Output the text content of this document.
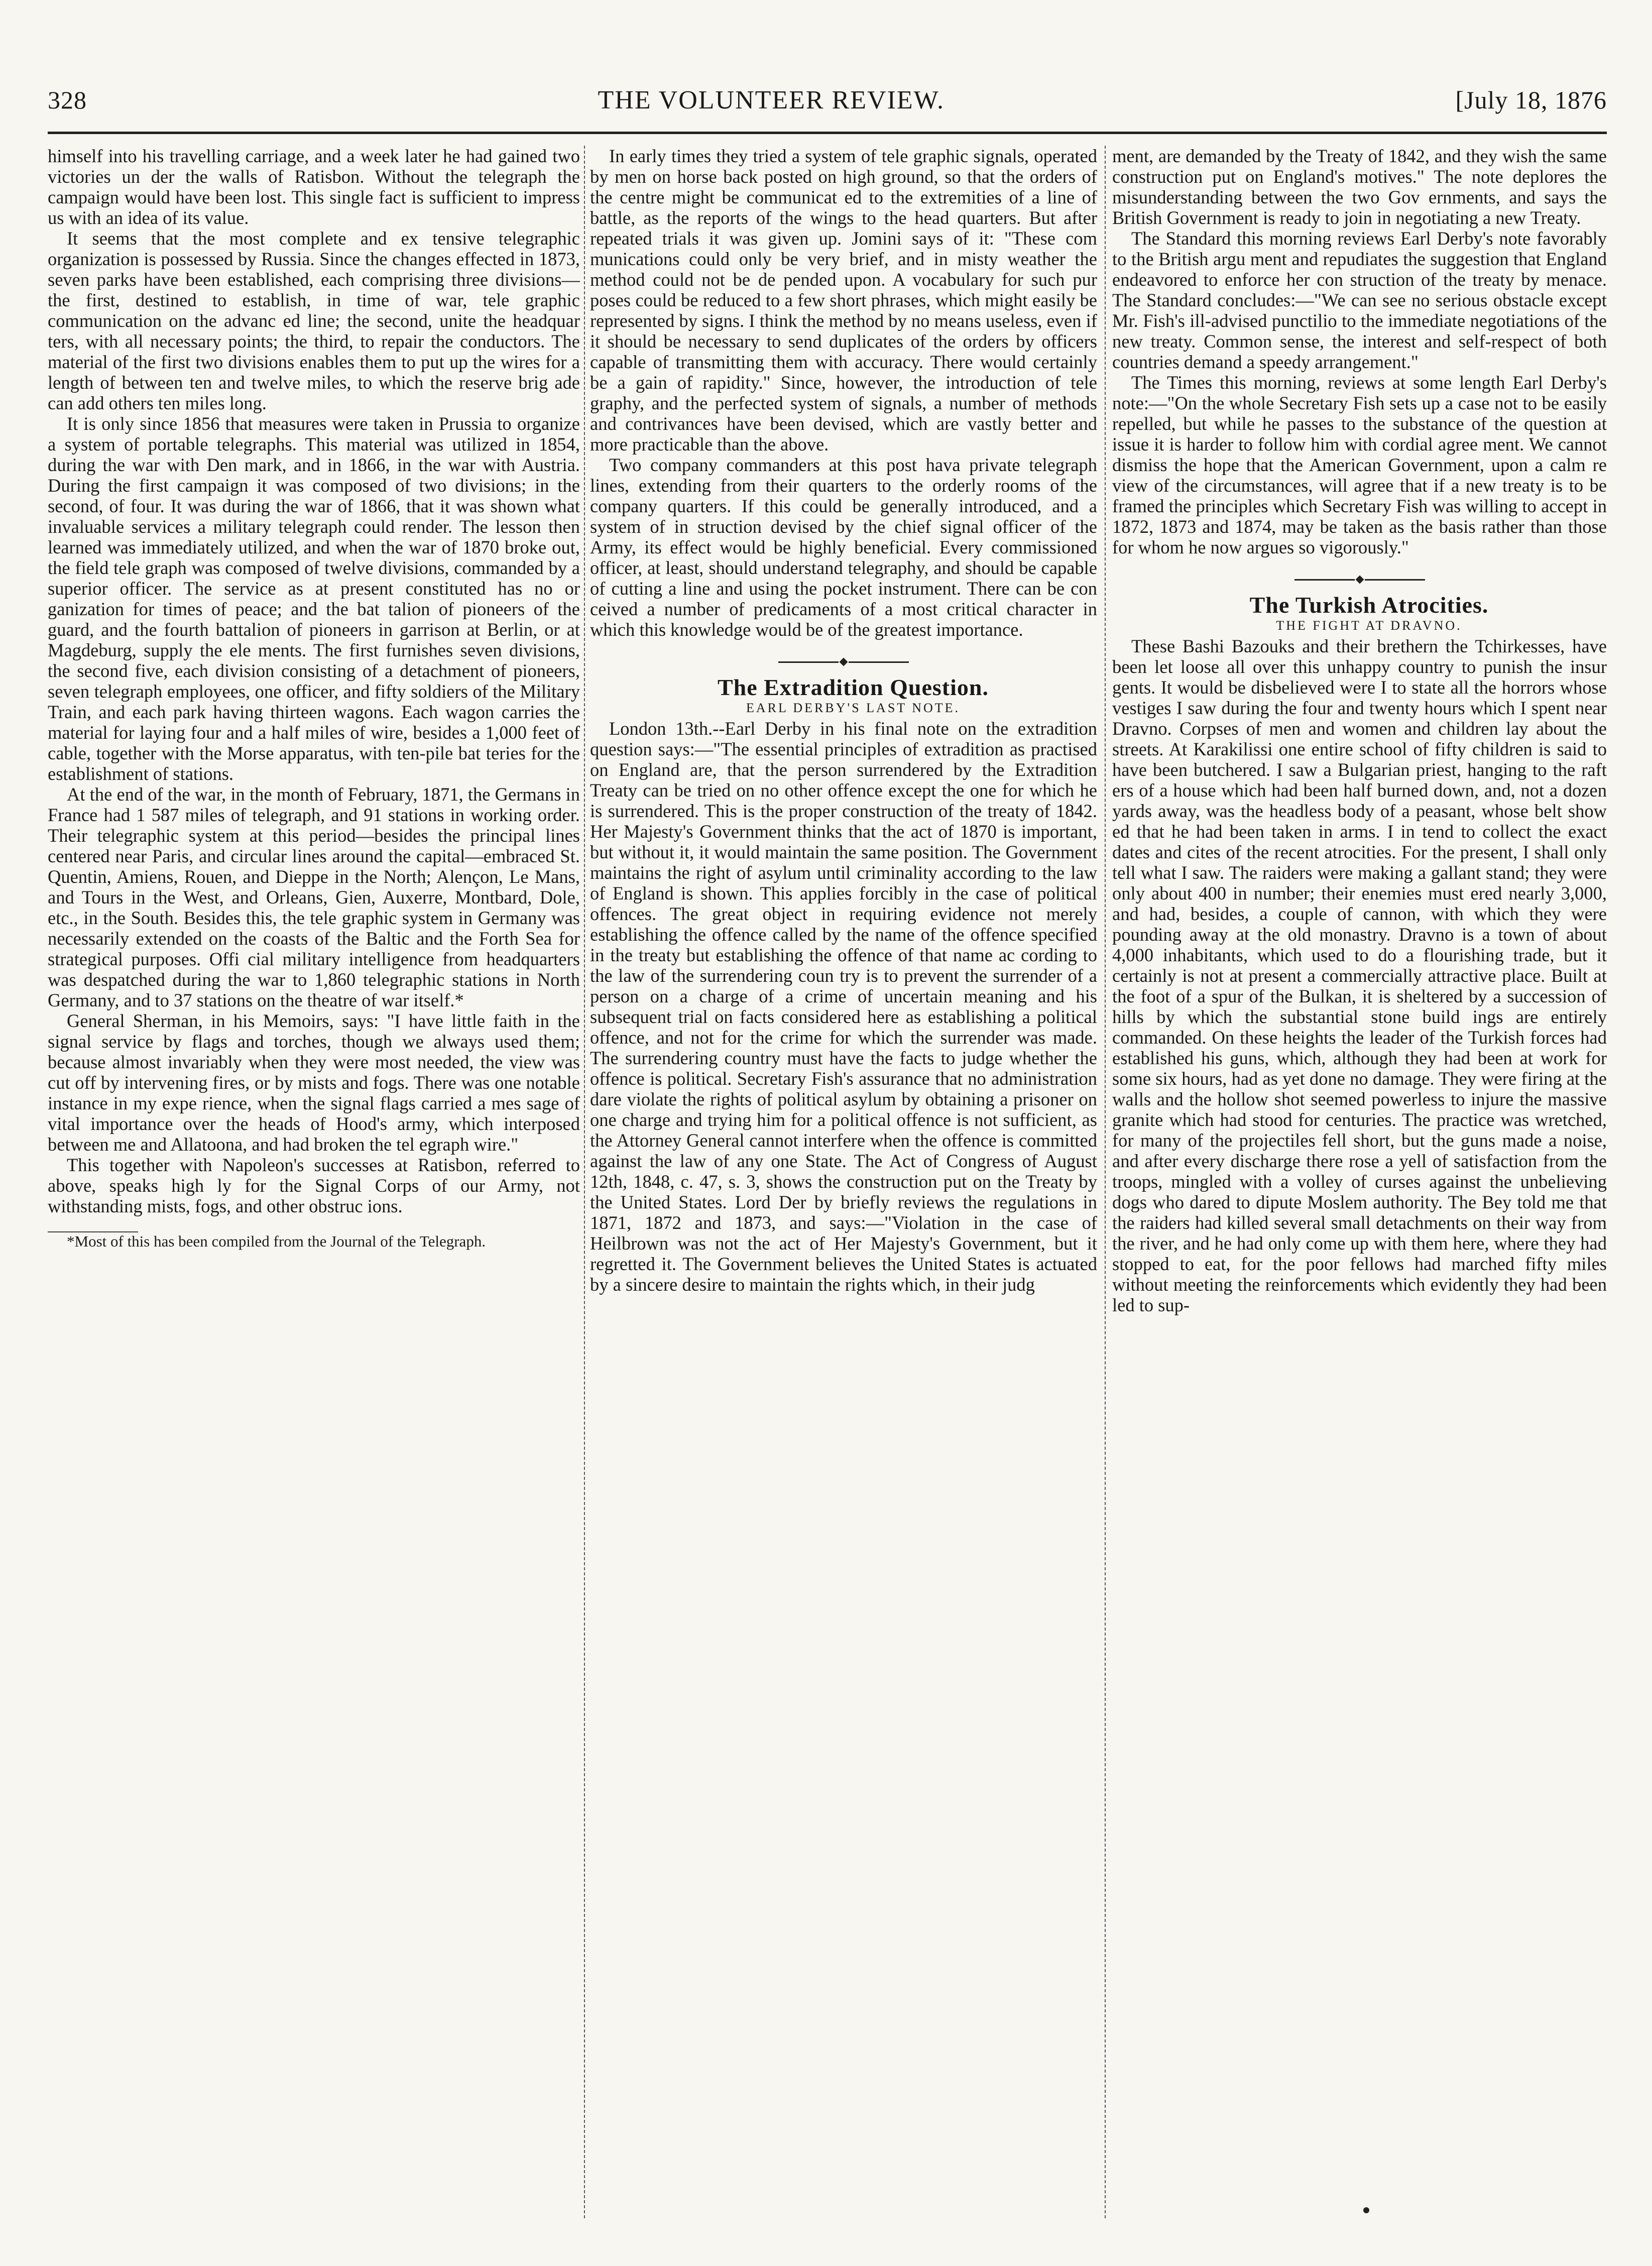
328	THE VOLUNTEER REVIEW.	[July 18, 1876

himself into his travelling carriage, and a week later he had gained two victories un der the walls of Ratisbon. Without the telegraph the campaign would have been lost. This single fact is sufficient to impress us with an idea of its value.

It seems that the most complete and ex tensive telegraphic organization is possessed by Russia. Since the changes effected in 1873, seven parks have been established, each comprising three divisions—the first, destined to establish, in time of war, tele graphic communication on the advanc ed line; the second, unite the headquar ters, with all necessary points; the third, to repair the conductors. The material of the first two divisions enables them to put up the wires for a length of between ten and twelve miles, to which the reserve brig ade can add others ten miles long.

It is only since 1856 that measures were taken in Prussia to organize a system of portable telegraphs. This material was utilized in 1854, during the war with Den mark, and in 1866, in the war with Austria. During the first campaign it was composed of two divisions; in the second, of four. It was during the war of 1866, that it was shown what invaluable services a military telegraph could render. The lesson then learned was immediately utilized, and when the war of 1870 broke out, the field tele graph was composed of twelve divisions, commanded by a superior officer. The service as at present constituted has no or ganization for times of peace; and the bat talion of pioneers of the guard, and the fourth battalion of pioneers in garrison at Berlin, or at Magdeburg, supply the ele ments. The first furnishes seven divisions, the second five, each division consisting of a detachment of pioneers, seven telegraph employees, one officer, and fifty soldiers of the Military Train, and each park having thirteen wagons. Each wagon carries the material for laying four and a half miles of wire, besides a 1,000 feet of cable, together with the Morse apparatus, with ten-pile bat teries for the establishment of stations.

At the end of the war, in the month of February, 1871, the Germans in France had 1 587 miles of telegraph, and 91 stations in working order. Their telegraphic system at this period—besides the principal lines centered near Paris, and circular lines around the capital—embraced St. Quentin, Amiens, Rouen, and Dieppe in the North; Alençon, Le Mans, and Tours in the West, and Orleans, Gien, Auxerre, Montbard, Dole, etc., in the South. Besides this, the tele graphic system in Germany was necessarily extended on the coasts of the Baltic and the Forth Sea for strategical purposes. Offi cial military intelligence from headquarters was despatched during the war to 1,860 telegraphic stations in North Germany, and to 37 stations on the theatre of war itself.*

General Sherman, in his Memoirs, says: "I have little faith in the signal service by flags and torches, though we always used them; because almost invariably when they were most needed, the view was cut off by intervening fires, or by mists and fogs. There was one notable instance in my expe rience, when the signal flags carried a mes sage of vital importance over the heads of Hood's army, which interposed between me and Allatoona, and had broken the tel egraph wire."

This together with Napoleon's successes at Ratisbon, referred to above, speaks high ly for the Signal Corps of our Army, not withstanding mists, fogs, and other obstruc ions.

*Most of this has been compiled from the Journal of the Telegraph.

In early times they tried a system of tele graphic signals, operated by men on horse back posted on high ground, so that the orders of the centre might be communicat ed to the extremities of a line of battle, as the reports of the wings to the head quarters. But after repeated trials it was given up. Jomini says of it: "These com munications could only be very brief, and in misty weather the method could not be de pended upon. A vocabulary for such pur poses could be reduced to a few short phrases, which might easily be represented by signs. I think the method by no means useless, even if it should be necessary to send duplicates of the orders by officers capable of transmitting them with accuracy. There would certainly be a gain of rapidity." Since, however, the introduction of tele graphy, and the perfected system of signals, a number of methods and contrivances have been devised, which are vastly better and more practicable than the above.

Two company commanders at this post hava private telegraph lines, extending from their quarters to the orderly rooms of the company quarters. If this could be generally introduced, and a system of in struction devised by the chief signal officer of the Army, its effect would be highly beneficial. Every commissioned officer, at least, should understand telegraphy, and should be capable of cutting a line and using the pocket instrument. There can be con ceived a number of predicaments of a most critical character in which this knowledge would be of the greatest importance.

The Extradition Question.

EARL DERBY'S LAST NOTE.

London 13th.--Earl Derby in his final note on the extradition question says:—"The essential principles of extradition as practised on England are, that the person surrendered by the Extradition Treaty can be tried on no other offence except the one for which he is surrendered. This is the proper construction of the treaty of 1842. Her Majesty's Government thinks that the act of 1870 is important, but without it, it would maintain the same position. The Government maintains the right of asylum until criminality according to the law of England is shown. This applies forcibly in the case of political offences. The great object in requiring evidence not merely establishing the offence called by the name of the offence specified in the treaty but establishing the offence of that name ac cording to the law of the surrendering coun try is to prevent the surrender of a person on a charge of a crime of uncertain meaning and his subsequent trial on facts considered here as establishing a political offence, and not for the crime for which the surrender was made. The surrendering country must have the facts to judge whether the offence is political. Secretary Fish's assurance that no administration dare violate the rights of political asylum by obtaining a prisoner on one charge and trying him for a political offence is not sufficient, as the Attorney General cannot interfere when the offence is committed against the law of any one State. The Act of Congress of August 12th, 1848, c. 47, s. 3, shows the construction put on the Treaty by the United States. Lord Der by briefly reviews the regulations in 1871, 1872 and 1873, and says:—"Violation in the case of Heilbrown was not the act of Her Majesty's Government, but it regretted it. The Government believes the United States is actuated by a sincere desire to maintain the rights which, in their judg

ment, are demanded by the Treaty of 1842, and they wish the same construction put on England's motives." The note deplores the misunderstanding between the two Gov ernments, and says the British Government is ready to join in negotiating a new Treaty.

The Standard this morning reviews Earl Derby's note favorably to the British argu ment and repudiates the suggestion that England endeavored to enforce her con struction of the treaty by menace. The Standard concludes:—"We can see no serious obstacle except Mr. Fish's ill-advised punctilio to the immediate negotiations of the new treaty. Common sense, the interest and self-respect of both countries demand a speedy arrangement."

The Times this morning, reviews at some length Earl Derby's note:—"On the whole Secretary Fish sets up a case not to be easily repelled, but while he passes to the substance of the question at issue it is harder to follow him with cordial agree ment. We cannot dismiss the hope that the American Government, upon a calm re view of the circumstances, will agree that if a new treaty is to be framed the principles which Secretary Fish was willing to accept in 1872, 1873 and 1874, may be taken as the basis rather than those for whom he now argues so vigorously."

The Turkish Atrocities.

THE FIGHT AT DRAVNO.

These Bashi Bazouks and their brethern the Tchirkesses, have been let loose all over this unhappy country to punish the insur gents. It would be disbelieved were I to state all the horrors whose vestiges I saw during the four and twenty hours which I spent near Dravno. Corpses of men and women and children lay about the streets. At Karakilissi one entire school of fifty children is said to have been butchered. I saw a Bulgarian priest, hanging to the raft ers of a house which had been half burned down, and, not a dozen yards away, was the headless body of a peasant, whose belt show ed that he had been taken in arms. I in tend to collect the exact dates and cites of the recent atrocities. For the present, I shall only tell what I saw. The raiders were making a gallant stand; they were only about 400 in number; their enemies must ered nearly 3,000, and had, besides, a couple of cannon, with which they were pounding away at the old monastry. Dravno is a town of about 4,000 inhabitants, which used to do a flourishing trade, but it certainly is not at present a commercially attractive place. Built at the foot of a spur of the Bulkan, it is sheltered by a succession of hills by which the substantial stone build ings are entirely commanded. On these heights the leader of the Turkish forces had established his guns, which, although they had been at work for some six hours, had as yet done no damage. They were firing at the walls and the hollow shot seemed powerless to injure the massive granite which had stood for centuries. The practice was wretched, for many of the projectiles fell short, but the guns made a noise, and after every discharge there rose a yell of satisfaction from the troops, mingled with a volley of curses against the unbelieving dogs who dared to dipute Moslem authority. The Bey told me that the raiders had killed several small detachments on their way from the river, and he had only come up with them here, where they had stopped to eat, for the poor fellows had marched fifty miles without meeting the reinforcements which evidently they had been led to sup-
